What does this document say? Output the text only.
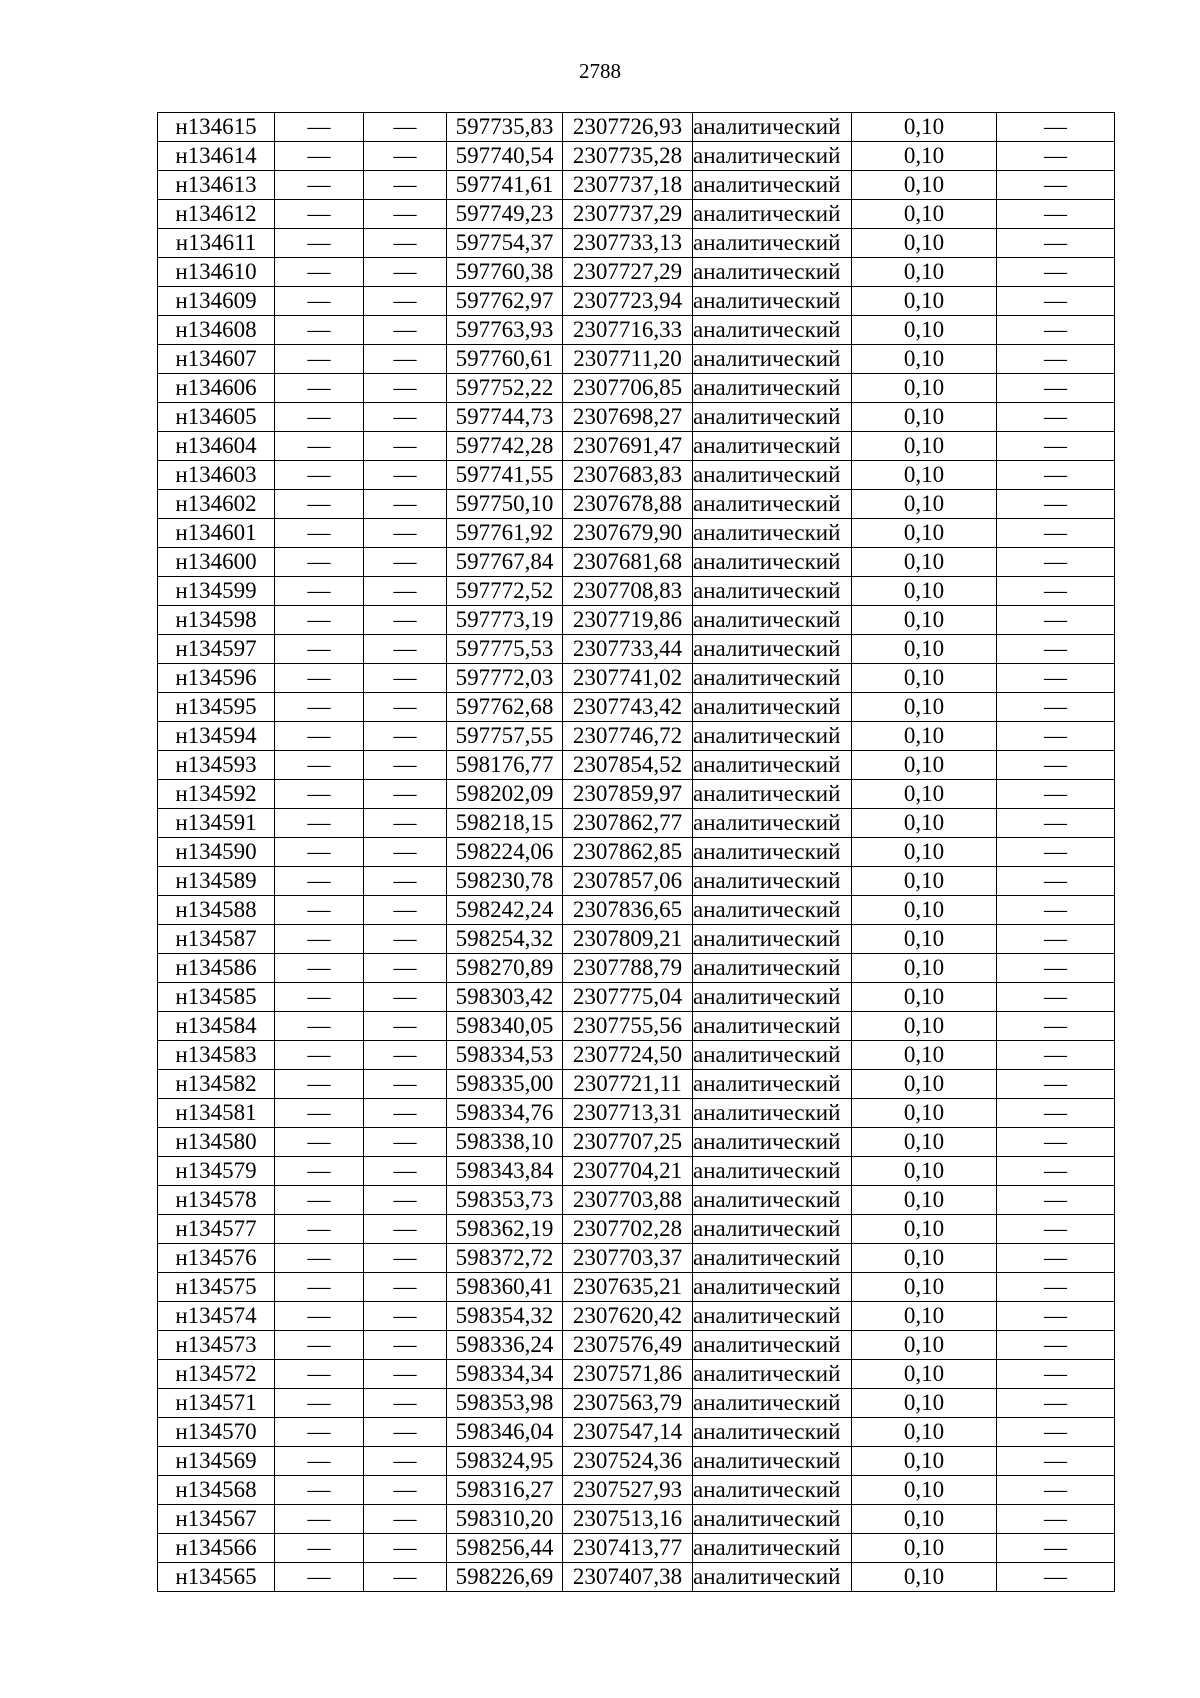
2788
н134615	—	—	597735,83	2307726,93	аналитический	0,10	—
н134614	—	—	597740,54	2307735,28	аналитический	0,10	—
н134613	—	—	597741,61	2307737,18	аналитический	0,10	—
н134612	—	—	597749,23	2307737,29	аналитический	0,10	—
н134611	—	—	597754,37	2307733,13	аналитический	0,10	—
н134610	—	—	597760,38	2307727,29	аналитический	0,10	—
н134609	—	—	597762,97	2307723,94	аналитический	0,10	—
н134608	—	—	597763,93	2307716,33	аналитический	0,10	—
н134607	—	—	597760,61	2307711,20	аналитический	0,10	—
н134606	—	—	597752,22	2307706,85	аналитический	0,10	—
н134605	—	—	597744,73	2307698,27	аналитический	0,10	—
н134604	—	—	597742,28	2307691,47	аналитический	0,10	—
н134603	—	—	597741,55	2307683,83	аналитический	0,10	—
н134602	—	—	597750,10	2307678,88	аналитический	0,10	—
н134601	—	—	597761,92	2307679,90	аналитический	0,10	—
н134600	—	—	597767,84	2307681,68	аналитический	0,10	—
н134599	—	—	597772,52	2307708,83	аналитический	0,10	—
н134598	—	—	597773,19	2307719,86	аналитический	0,10	—
н134597	—	—	597775,53	2307733,44	аналитический	0,10	—
н134596	—	—	597772,03	2307741,02	аналитический	0,10	—
н134595	—	—	597762,68	2307743,42	аналитический	0,10	—
н134594	—	—	597757,55	2307746,72	аналитический	0,10	—
н134593	—	—	598176,77	2307854,52	аналитический	0,10	—
н134592	—	—	598202,09	2307859,97	аналитический	0,10	—
н134591	—	—	598218,15	2307862,77	аналитический	0,10	—
н134590	—	—	598224,06	2307862,85	аналитический	0,10	—
н134589	—	—	598230,78	2307857,06	аналитический	0,10	—
н134588	—	—	598242,24	2307836,65	аналитический	0,10	—
н134587	—	—	598254,32	2307809,21	аналитический	0,10	—
н134586	—	—	598270,89	2307788,79	аналитический	0,10	—
н134585	—	—	598303,42	2307775,04	аналитический	0,10	—
н134584	—	—	598340,05	2307755,56	аналитический	0,10	—
н134583	—	—	598334,53	2307724,50	аналитический	0,10	—
н134582	—	—	598335,00	2307721,11	аналитический	0,10	—
н134581	—	—	598334,76	2307713,31	аналитический	0,10	—
н134580	—	—	598338,10	2307707,25	аналитический	0,10	—
н134579	—	—	598343,84	2307704,21	аналитический	0,10	—
н134578	—	—	598353,73	2307703,88	аналитический	0,10	—
н134577	—	—	598362,19	2307702,28	аналитический	0,10	—
н134576	—	—	598372,72	2307703,37	аналитический	0,10	—
н134575	—	—	598360,41	2307635,21	аналитический	0,10	—
н134574	—	—	598354,32	2307620,42	аналитический	0,10	—
н134573	—	—	598336,24	2307576,49	аналитический	0,10	—
н134572	—	—	598334,34	2307571,86	аналитический	0,10	—
н134571	—	—	598353,98	2307563,79	аналитический	0,10	—
н134570	—	—	598346,04	2307547,14	аналитический	0,10	—
н134569	—	—	598324,95	2307524,36	аналитический	0,10	—
н134568	—	—	598316,27	2307527,93	аналитический	0,10	—
н134567	—	—	598310,20	2307513,16	аналитический	0,10	—
н134566	—	—	598256,44	2307413,77	аналитический	0,10	—
н134565	—	—	598226,69	2307407,38	аналитический	0,10	—
